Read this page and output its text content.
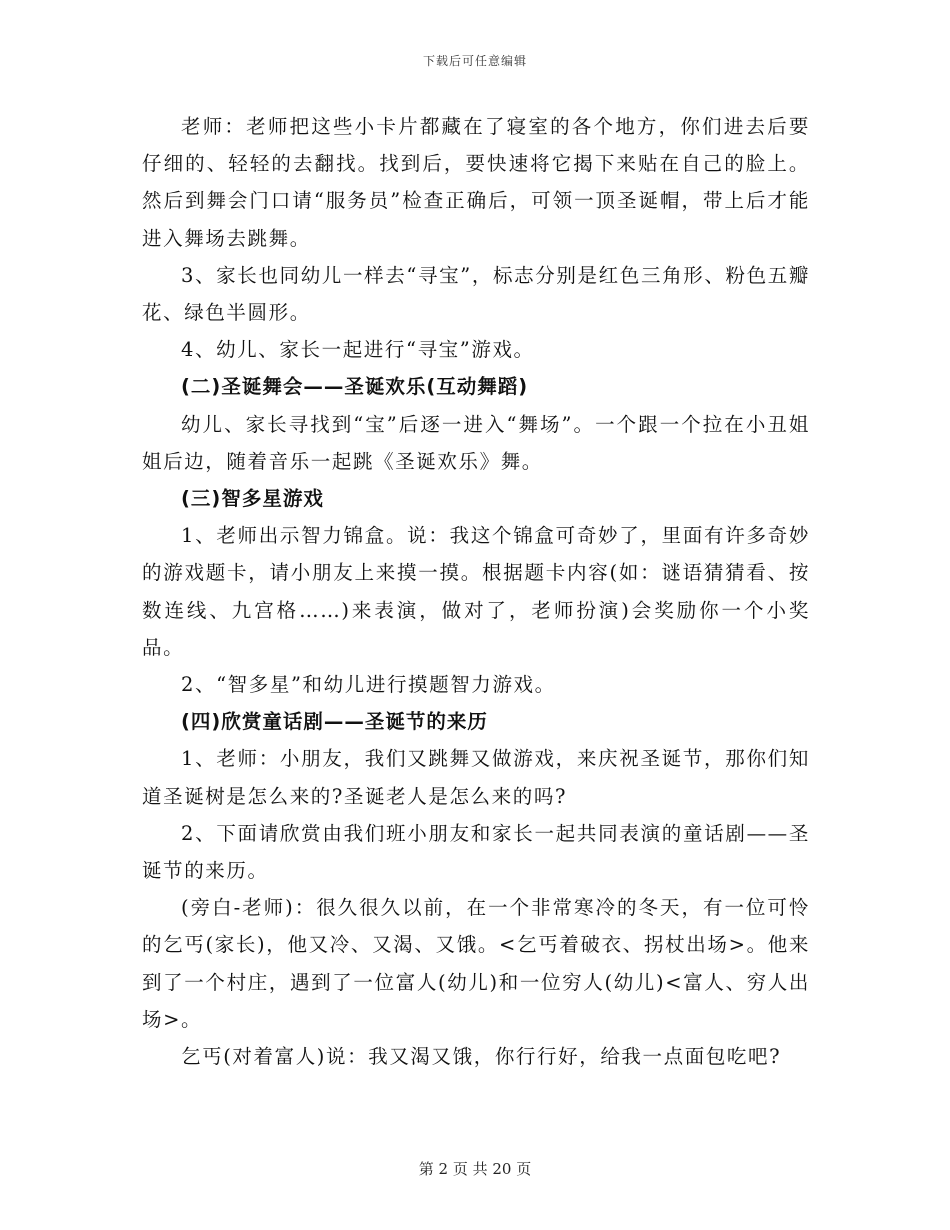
下载后可任意编辑

老师：老师把这些小卡片都藏在了寝室的各个地方，你们进去后要仔细的、轻轻的去翻找。找到后，要快速将它揭下来贴在自己的脸上。然后到舞会门口请“服务员”检查正确后，可领一顶圣诞帽，带上后才能进入舞场去跳舞。

3、家长也同幼儿一样去“寻宝”，标志分别是红色三角形、粉色五瓣花、绿色半圆形。

4、幼儿、家长一起进行“寻宝”游戏。

(二)圣诞舞会——圣诞欢乐(互动舞蹈)

幼儿、家长寻找到“宝”后逐一进入“舞场”。一个跟一个拉在小丑姐姐后边，随着音乐一起跳《圣诞欢乐》舞。

(三)智多星游戏

1、老师出示智力锦盒。说：我这个锦盒可奇妙了，里面有许多奇妙的游戏题卡，请小朋友上来摸一摸。根据题卡内容(如：谜语猜猜看、按数连线、九宫格……)来表演，做对了，老师扮演)会奖励你一个小奖品。

2、“智多星”和幼儿进行摸题智力游戏。

(四)欣赏童话剧——圣诞节的来历

1、老师：小朋友，我们又跳舞又做游戏，来庆祝圣诞节，那你们知道圣诞树是怎么来的?圣诞老人是怎么来的吗?

2、下面请欣赏由我们班小朋友和家长一起共同表演的童话剧——圣诞节的来历。

(旁白-老师)：很久很久以前，在一个非常寒冷的冬天，有一位可怜的乞丐(家长)，他又冷、又渴、又饿。<乞丐着破衣、拐杖出场>。他来到了一个村庄，遇到了一位富人(幼儿)和一位穷人(幼儿)<富人、穷人出场>。

乞丐(对着富人)说：我又渴又饿，你行行好，给我一点面包吃吧?

第 2 页 共 20 页
